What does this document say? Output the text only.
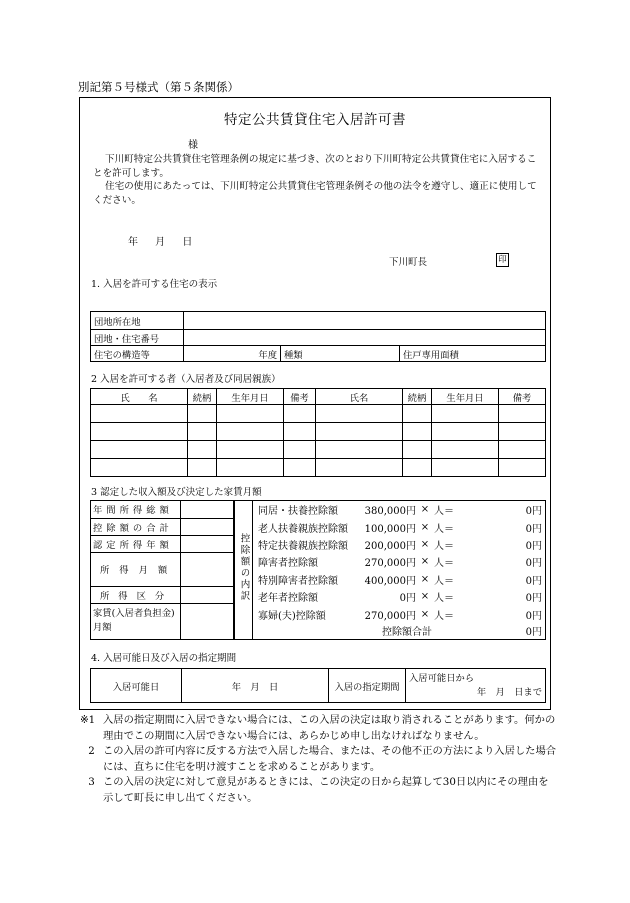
別記第５号様式（第５条関係）
特定公共賃貸住宅入居許可書
様
下川町特定公共賃貸住宅管理条例の規定に基づき、次のとおり下川町特定公共賃貸住宅に入居することを許可します。
住宅の使用にあたっては、下川町特定公共賃貸住宅管理条例その他の法令を遵守し、適正に使用してください。
年 月 日
下川町長	印
1. 入居を許可する住宅の表示
団地所在地			

団地・住宅番号			

住宅の構造等	年度	種類	住戸専用面積
2 入居を許可する者（入居者及び同居親族）
氏　　名	続柄	生年月日	備考	氏名	続柄	生年月日	備考

3 認定した収入額及び決定した家賃月額
年間所得総額	
控除額の合計	
認定所得年額	
所得月額	
所得区分	
家賃(入居者負担金) 月額	
控除額の内訳
同居・扶養控除額	380,000円 × 人＝	0円
老人扶養親族控除額	100,000円 × 人＝	0円
特定扶養親族控除額	200,000円 × 人＝	0円
障害者控除額	270,000円 × 人＝	0円
特別障害者控除額	400,000円 × 人＝	0円
老年者控除額	0円 × 人＝	0円
寡婦(夫)控除額	270,000円 × 人＝	0円
控除額合計	0円
4. 入居可能日及び入居の指定期間
入居可能日	年　月　日	入居の指定期間	
入居可能日から
年　月　日まで
※1 入居の指定期間に入居できない場合には、この入居の決定は取り消されることがあります。何かの理由でこの期間に入居できない場合には、あらかじめ申し出なければなりません。
2 この入居の許可内容に反する方法で入居した場合、または、その他不正の方法により入居した場合には、直ちに住宅を明け渡すことを求めることがあります。
3 この入居の決定に対して意見があるときには、この決定の日から起算して30日以内にその理由を示して町長に申し出てください。
